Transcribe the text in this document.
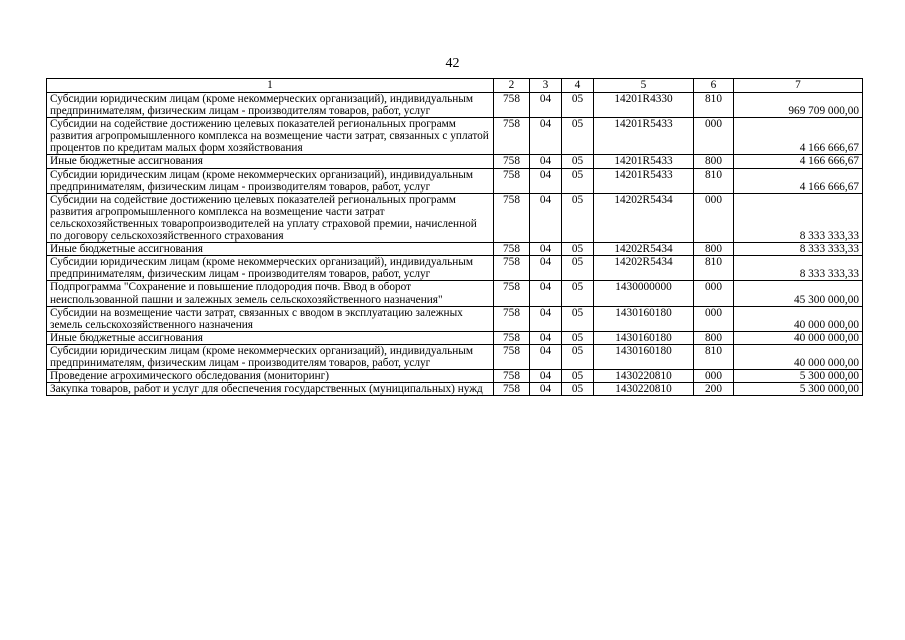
42
1	2	3	4	5	6	7
Субсидии юридическим лицам (кроме некоммерческих организаций), индивидуальным предпринимателям, физическим лицам - производителям товаров, работ, услуг	758	04	05	14201R4330	810	969 709 000,00
Субсидии на содействие достижению целевых показателей региональных программ развития агропромышленного комплекса на возмещение части затрат, связанных с уплатой процентов по кредитам малых форм хозяйствования	758	04	05	14201R5433	000	4 166 666,67
Иные бюджетные ассигнования	758	04	05	14201R5433	800	4 166 666,67
Субсидии юридическим лицам (кроме некоммерческих организаций), индивидуальным предпринимателям, физическим лицам - производителям товаров, работ, услуг	758	04	05	14201R5433	810	4 166 666,67
Субсидии на содействие достижению целевых показателей региональных программ развития агропромышленного комплекса на возмещение части затрат сельскохозяйственных товаропроизводителей на уплату страховой премии, начисленной по договору сельскохозяйственного страхования	758	04	05	14202R5434	000	8 333 333,33
Иные бюджетные ассигнования	758	04	05	14202R5434	800	8 333 333,33
Субсидии юридическим лицам (кроме некоммерческих организаций), индивидуальным предпринимателям, физическим лицам - производителям товаров, работ, услуг	758	04	05	14202R5434	810	8 333 333,33
Подпрограмма "Сохранение и повышение плодородия почв. Ввод в оборот неиспользованной пашни и залежных земель сельскохозяйственного назначения"	758	04	05	1430000000	000	45 300 000,00
Субсидии на возмещение части затрат, связанных с вводом в эксплуатацию залежных земель сельскохозяйственного назначения	758	04	05	1430160180	000	40 000 000,00
Иные бюджетные ассигнования	758	04	05	1430160180	800	40 000 000,00
Субсидии юридическим лицам (кроме некоммерческих организаций), индивидуальным предпринимателям, физическим лицам - производителям товаров, работ, услуг	758	04	05	1430160180	810	40 000 000,00
Проведение агрохимического обследования (мониторинг)	758	04	05	1430220810	000	5 300 000,00
Закупка товаров, работ и услуг для обеспечения государственных (муниципальных) нужд	758	04	05	1430220810	200	5 300 000,00
